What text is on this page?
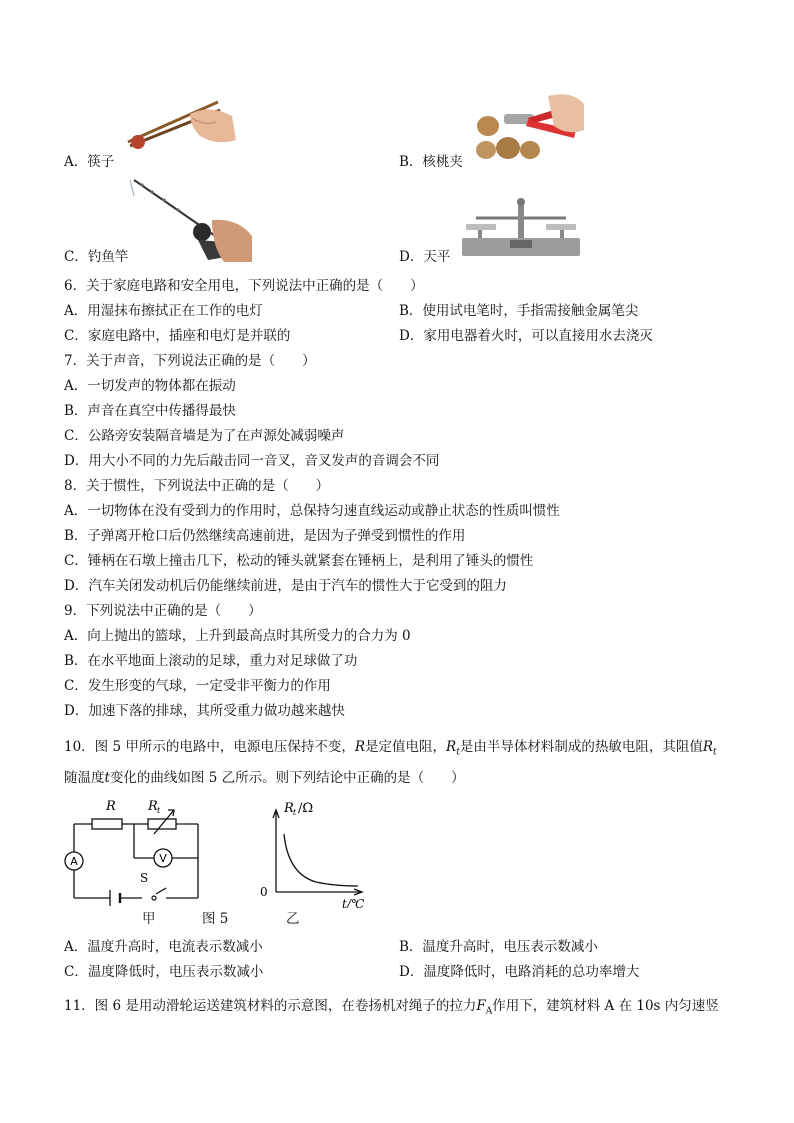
A．筷子	B．核桃夹
C．钓鱼竿	D．天平
6．关于家庭电路和安全用电，下列说法中正确的是（　　）
A．用湿抹布擦拭正在工作的电灯	B．使用试电笔时，手指需接触金属笔尖
C．家庭电路中，插座和电灯是并联的	D．家用电器着火时，可以直接用水去浇灭
7．关于声音，下列说法正确的是（　　）
A．一切发声的物体都在振动
B．声音在真空中传播得最快
C．公路旁安装隔音墙是为了在声源处减弱噪声
D．用大小不同的力先后敲击同一音叉，音叉发声的音调会不同
8．关于惯性，下列说法中正确的是（　　）
A．一切物体在没有受到力的作用时，总保持匀速直线运动或静止状态的性质叫惯性
B．子弹离开枪口后仍然继续高速前进，是因为子弹受到惯性的作用
C．锤柄在石墩上撞击几下，松动的锤头就紧套在锤柄上，是利用了锤头的惯性
D．汽车关闭发动机后仍能继续前进，是由于汽车的惯性大于它受到的阻力
9．下列说法中正确的是（　　）
A．向上抛出的篮球，上升到最高点时其所受力的合力为 0
B．在水平地面上滚动的足球，重力对足球做了功
C．发生形变的气球，一定受非平衡力的作用
D．加速下落的排球，其所受重力做功越来越快
10．图 5 甲所示的电路中，电源电压保持不变，R是定值电阻，$R_t$是由半导体材料制成的热敏电阻，其阻值$R_t$
随温度t变化的曲线如图 5 乙所示。则下列结论中正确的是（　　）
A	V
R R t
S
甲	图 5
R t /Ω
0
t/℃
乙
A．温度升高时，电流表示数减小	B．温度升高时，电压表示数减小
C．温度降低时，电压表示数减小	D．温度降低时，电路消耗的总功率增大
11．图 6 是用动滑轮运送建筑材料的示意图，在卷扬机对绳子的拉力$F_A$作用下，建筑材料 A 在 10s 内匀速竖
